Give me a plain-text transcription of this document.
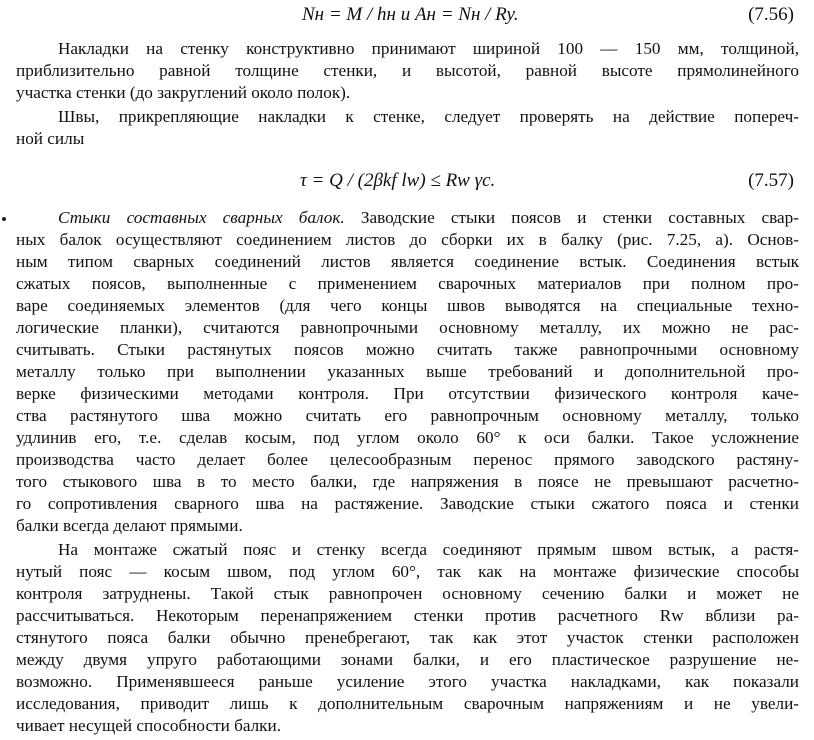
Nн = M / hн и Aн = Nн / Ry.	(7.56)
Накладки на стенку конструктивно принимают шириной 100 — 150 мм, толщиной,
приблизительно равной толщине стенки, и высотой, равной высоте прямолинейного
участка стенки (до закруглений около полок).
Швы, прикрепляющие накладки к стенке, следует проверять на действие попереч-
ной силы
τ = Q / (2βkf lw) ≤ Rw γc.	(7.57)
Стыки составных сварных балок. Заводские стыки поясов и стенки составных свар-
ных балок осуществляют соединением листов до сборки их в балку (рис. 7.25, а). Основ-
ным типом сварных соединений листов является соединение встык. Соединения встык
сжатых поясов, выполненные с применением сварочных материалов при полном про-
варе соединяемых элементов (для чего концы швов выводятся на специальные техно-
логические планки), считаются равнопрочными основному металлу, их можно не рас-
считывать. Стыки растянутых поясов можно считать также равнопрочными основному
металлу только при выполнении указанных выше требований и дополнительной про-
верке физическими методами контроля. При отсутствии физического контроля каче-
ства растянутого шва можно считать его равнопрочным основному металлу, только
удлинив его, т.е. сделав косым, под углом около 60° к оси балки. Такое усложнение
производства часто делает более целесообразным перенос прямого заводского растяну-
того стыкового шва в то место балки, где напряжения в поясе не превышают расчетно-
го сопротивления сварного шва на растяжение. Заводские стыки сжатого пояса и стенки
балки всегда делают прямыми.
На монтаже сжатый пояс и стенку всегда соединяют прямым швом встык, а растя-
нутый пояс — косым швом, под углом 60°, так как на монтаже физические способы
контроля затруднены. Такой стык равнопрочен основному сечению балки и может не
рассчитываться. Некоторым перенапряжением стенки против расчетного Rw вблизи ра-
стянутого пояса балки обычно пренебрегают, так как этот участок стенки расположен
между двумя упруго работающими зонами балки, и его пластическое разрушение не-
возможно. Применявшееся раньше усиление этого участка накладками, как показали
исследования, приводит лишь к дополнительным сварочным напряжениям и не увели-
чивает несущей способности балки.
